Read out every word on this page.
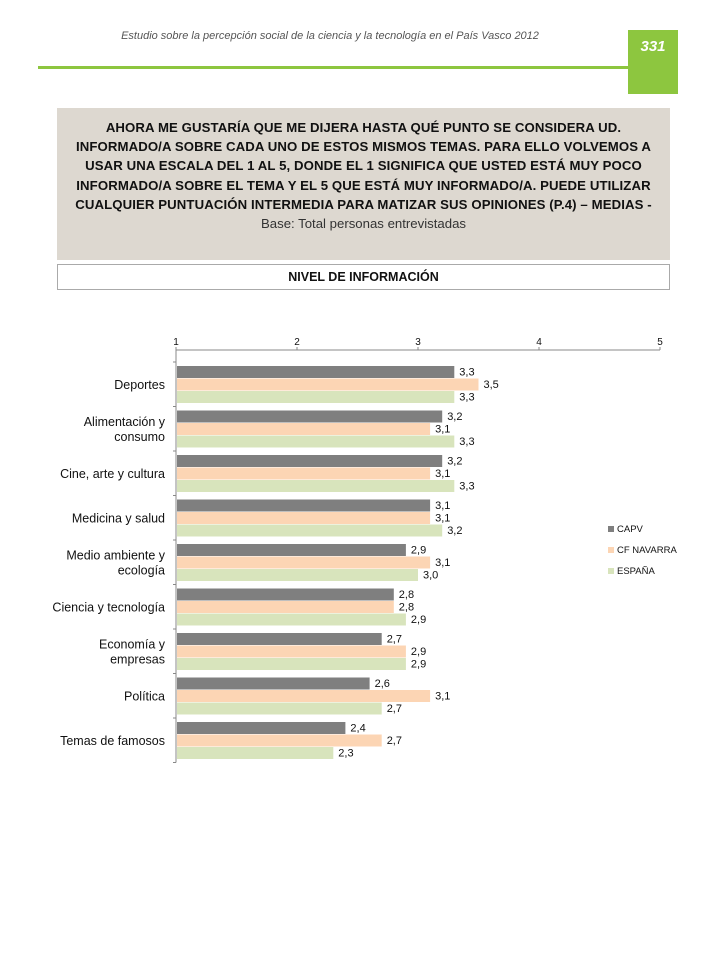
Estudio sobre la percepción social de la ciencia y la tecnología en el País Vasco 2012
331
AHORA ME GUSTARÍA QUE ME DIJERA HASTA QUÉ PUNTO SE CONSIDERA UD. INFORMADO/A SOBRE CADA UNO DE ESTOS MISMOS TEMAS. PARA ELLO VOLVEMOS A USAR UNA ESCALA DEL 1 AL 5, DONDE EL 1 SIGNIFICA QUE USTED ESTÁ MUY POCO INFORMADO/A SOBRE EL TEMA Y EL 5 QUE ESTÁ MUY INFORMADO/A. PUEDE UTILIZAR CUALQUIER PUNTUACIÓN INTERMEDIA PARA MATIZAR SUS OPINIONES (P.4) – MEDIAS -
Base: Total personas entrevistadas
NIVEL DE INFORMACIÓN
1	2	3	4	5
3,3
3,5
3,3
Deportes
3,2
3,1
3,3
Alimentación y
consumo
3,2
3,1
3,3
Cine, arte y cultura
3,1
3,1
3,2
Medicina y salud
2,9
3,1
3,0
Medio ambiente y
ecología
2,8
2,8
2,9
Ciencia y tecnología
2,7
2,9
2,9
Economía y
empresas
2,6
3,1
2,7
Política
2,4
2,7
2,3
Temas de famosos
CAPV
CF NAVARRA
ESPAÑA
